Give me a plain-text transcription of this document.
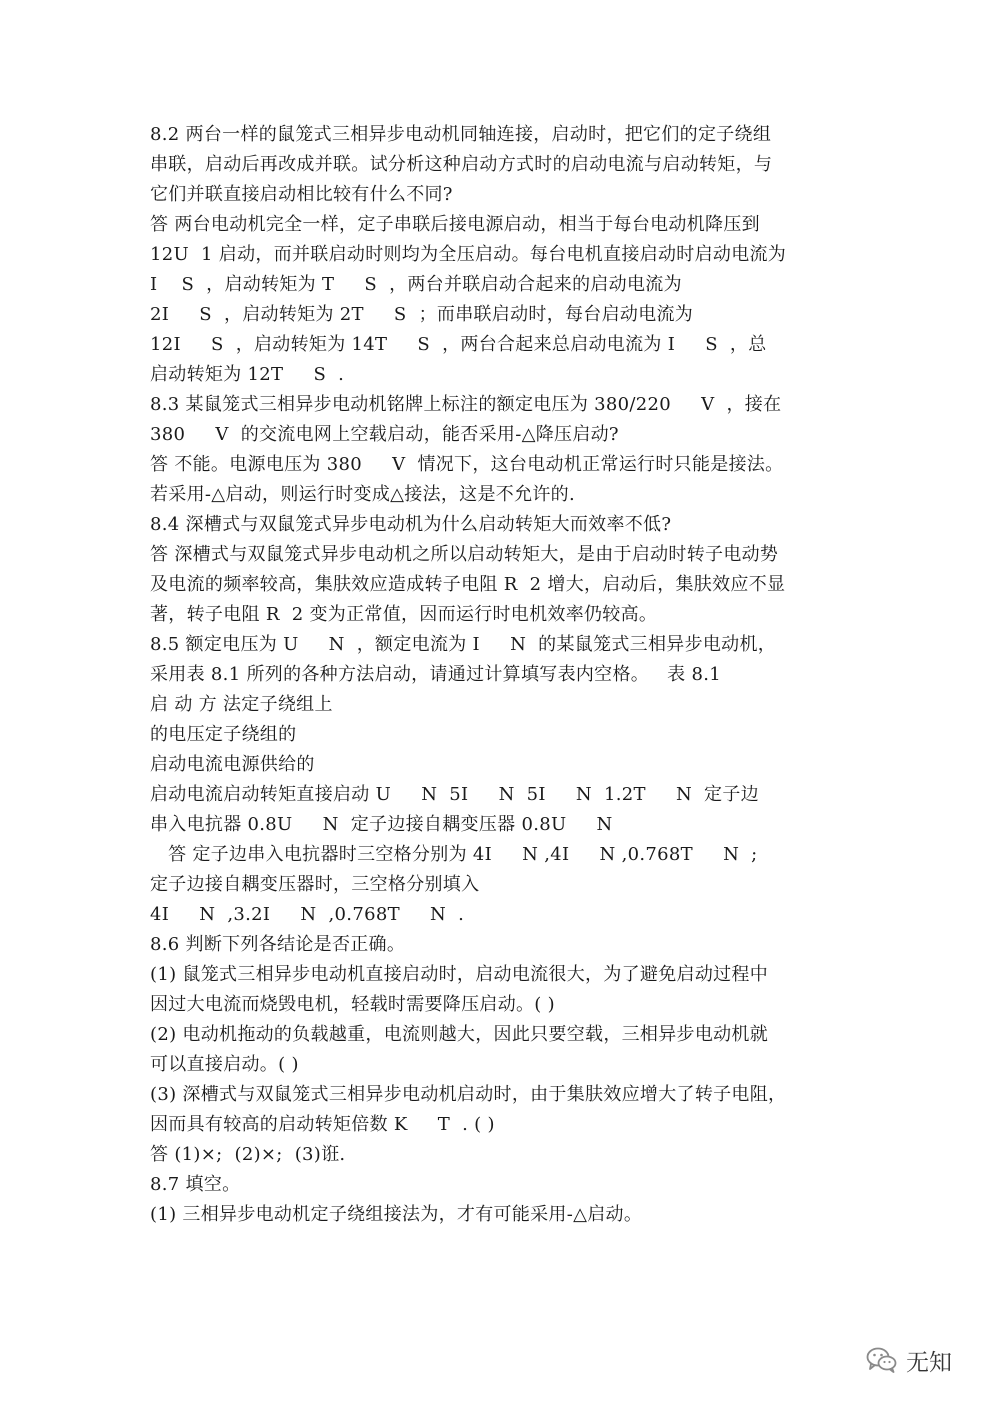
8.2 两台一样的鼠笼式三相异步电动机同轴连接，启动时，把它们的定子绕组
串联，启动后再改成并联。试分析这种启动方式时的启动电流与启动转矩，与
它们并联直接启动相比较有什么不同?
答 两台电动机完全一样，定子串联后接电源启动，相当于每台电动机降压到
12U  1 启动，而并联启动时则均为全压启动。每台电机直接启动时启动电流为
I    S  ，启动转矩为 T     S  ，两台并联启动合起来的启动电流为
2I     S  ，启动转矩为 2T     S  ；而串联启动时，每台启动电流为
12I     S  ，启动转矩为 14T     S  ，两台合起来总启动电流为 I     S  ，总
启动转矩为 12T     S  .
8.3 某鼠笼式三相异步电动机铭牌上标注的额定电压为 380/220     V  ，接在
380     V  的交流电网上空载启动，能否采用-△降压启动?
答 不能。电源电压为 380     V  情况下，这台电动机正常运行时只能是接法。
若采用-△启动，则运行时变成△接法，这是不允许的.
8.4 深槽式与双鼠笼式异步电动机为什么启动转矩大而效率不低?
答 深槽式与双鼠笼式异步电动机之所以启动转矩大，是由于启动时转子电动势
及电流的频率较高，集肤效应造成转子电阻 R  2 增大，启动后，集肤效应不显
著，转子电阻 R  2 变为正常值，因而运行时电机效率仍较高。
8.5 额定电压为 U     N  ，额定电流为 I     N  的某鼠笼式三相异步电动机，
采用表 8.1 所列的各种方法启动，请通过计算填写表内空格。   表 8.1
启 动 方 法定子绕组上
的电压定子绕组的
启动电流电源供给的
启动电流启动转矩直接启动 U     N  5I     N  5I     N  1.2T     N  定子边
串入电抗器 0.8U     N  定子边接自耦变压器 0.8U     N
答 定子边串入电抗器时三空格分别为 4I     N ,4I     N ,0.768T     N  ;
定子边接自耦变压器时，三空格分别填入
4I     N  ,3.2I     N  ,0.768T     N  .
8.6 判断下列各结论是否正确。
(1) 鼠笼式三相异步电动机直接启动时，启动电流很大，为了避免启动过程中
因过大电流而烧毁电机，轻载时需要降压启动。( )
(2) 电动机拖动的负载越重，电流则越大，因此只要空载，三相异步电动机就
可以直接启动。( )
(3) 深槽式与双鼠笼式三相异步电动机启动时，由于集肤效应增大了转子电阻，
因而具有较高的启动转矩倍数 K     T  . ( )
答 (1)×;  (2)×;  (3)诳.
8.7 填空。
(1) 三相异步电动机定子绕组接法为，才有可能采用-△启动。
无知
